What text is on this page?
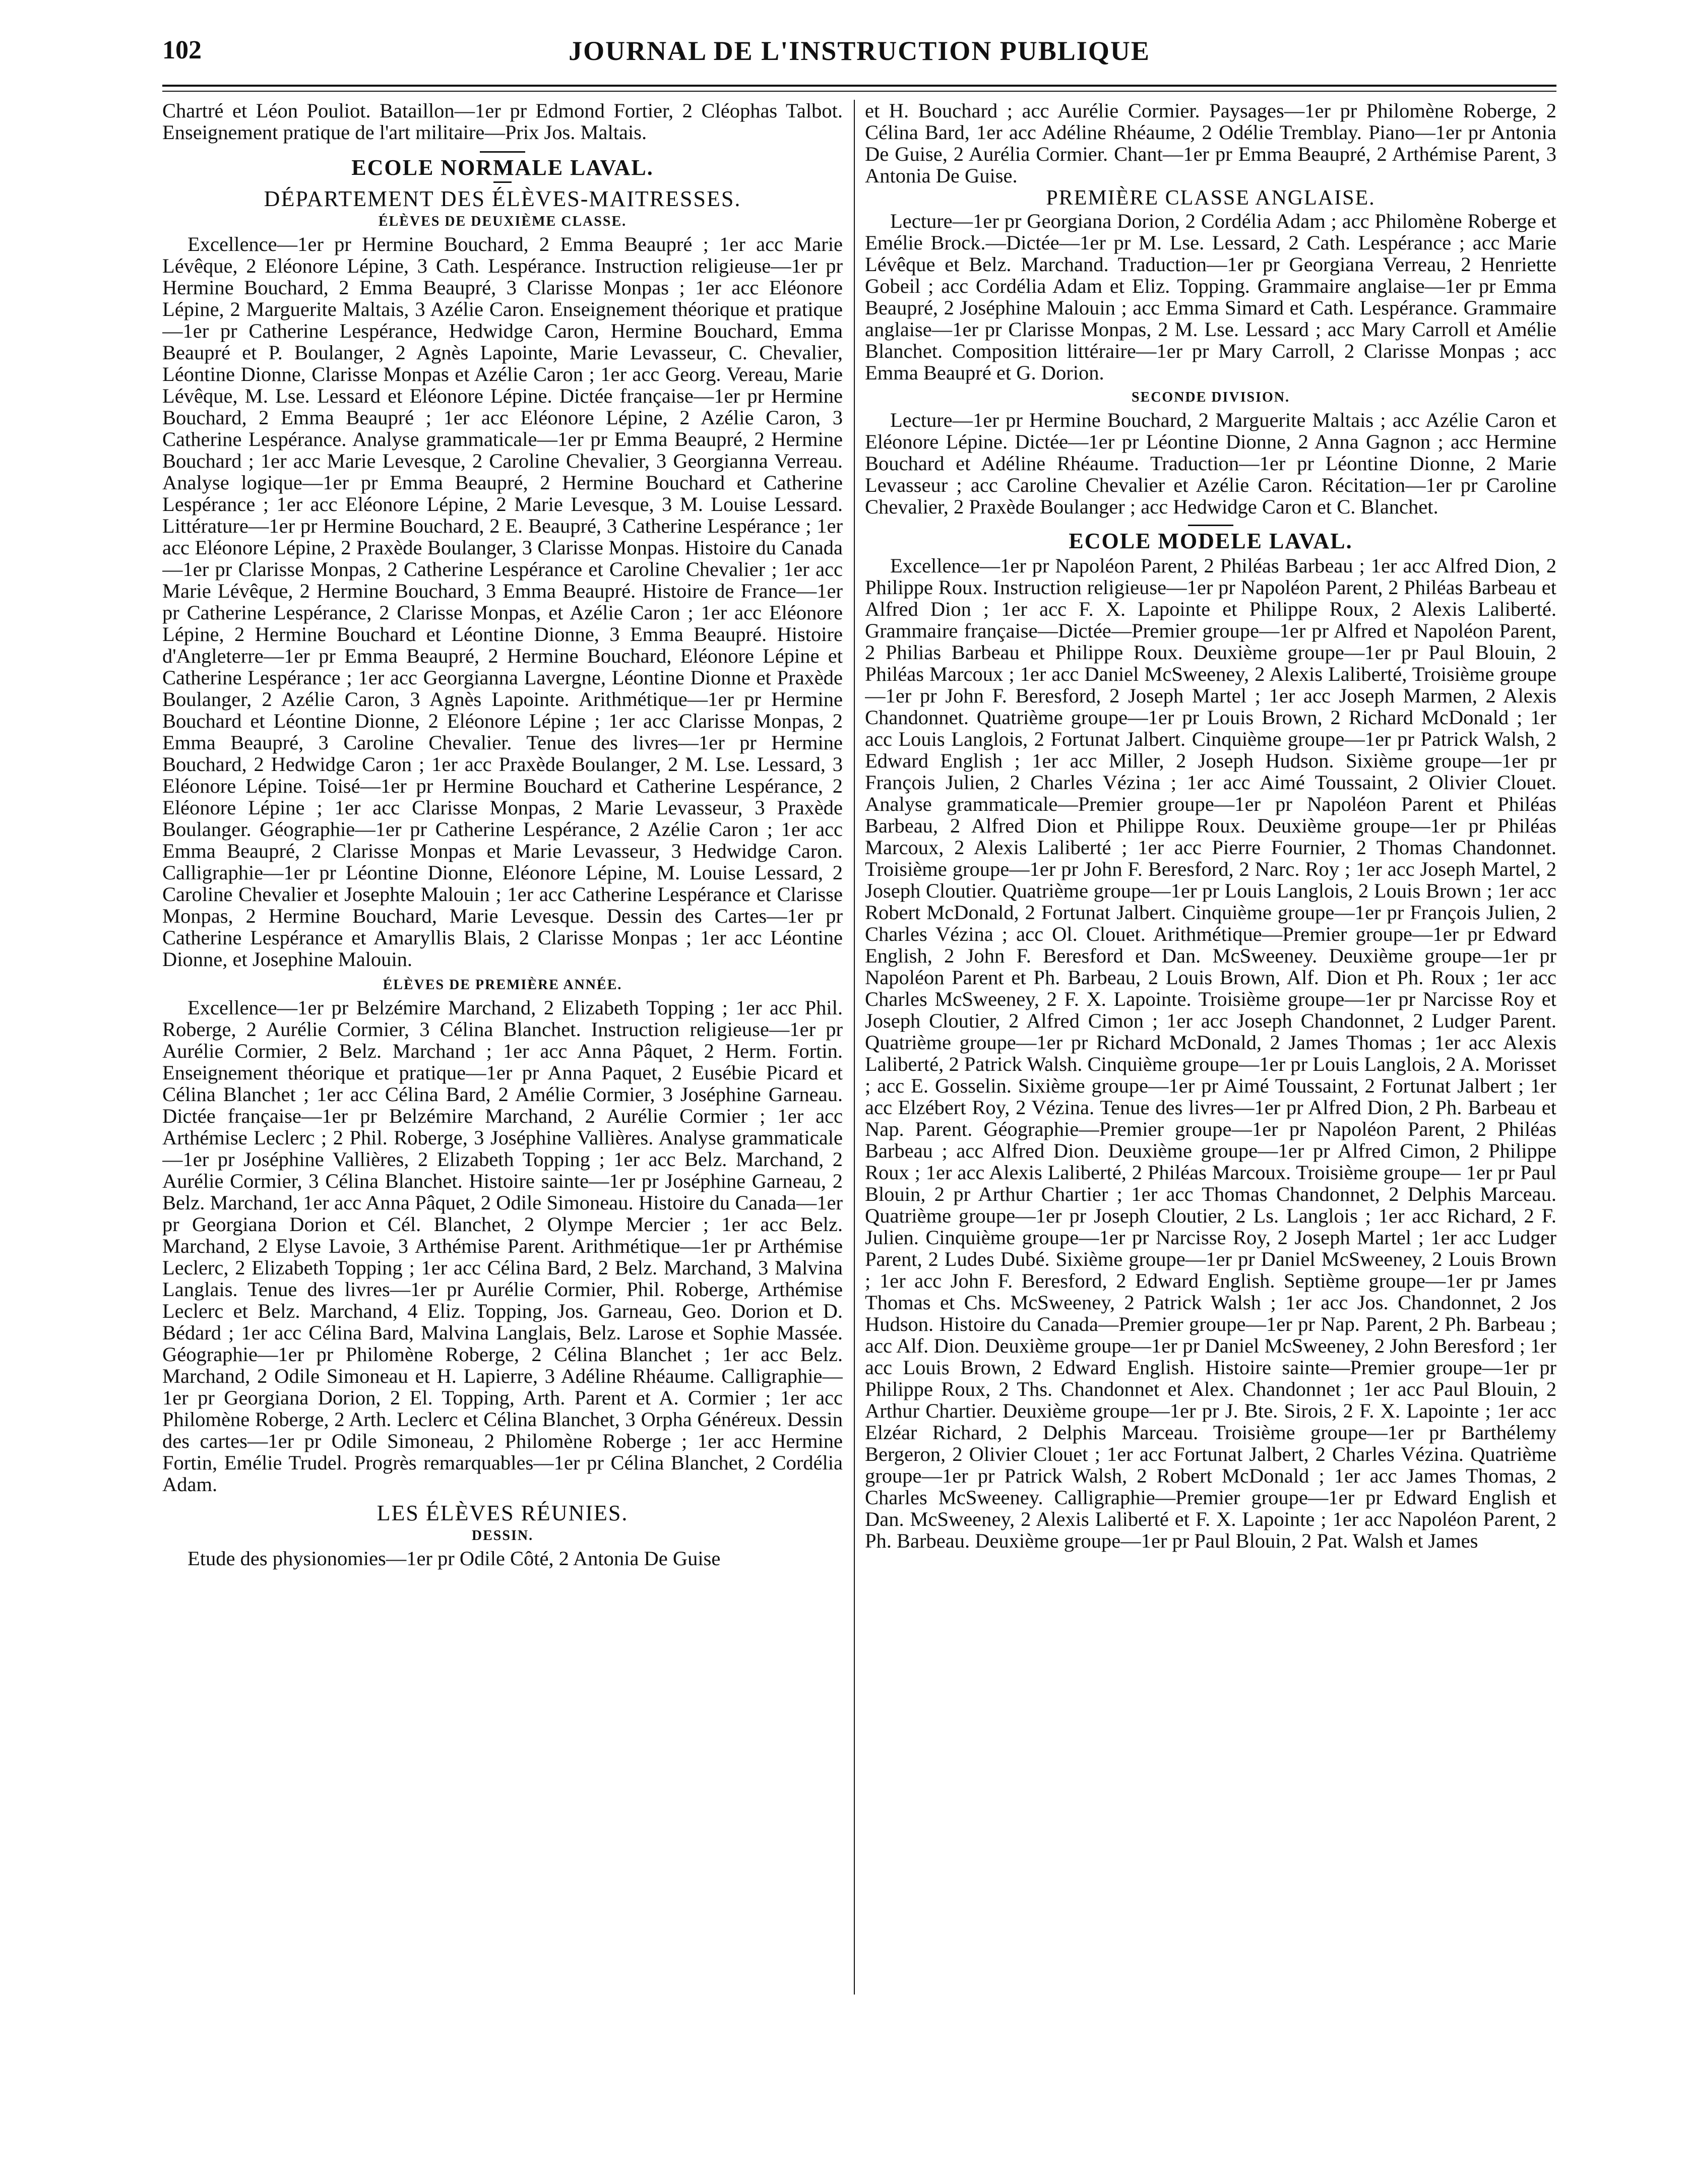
102	JOURNAL DE L'INSTRUCTION PUBLIQUE

Chartré et Léon Pouliot. Bataillon—1er pr Edmond Fortier, 2 Cléophas Talbot. Enseignement pratique de l'art militaire—Prix Jos. Maltais.

ECOLE NORMALE LAVAL.
DÉPARTEMENT DES ÉLÈVES-MAITRESSES.
ÉLÈVES DE DEUXIÈME CLASSE.

Excellence—1er pr Hermine Bouchard, 2 Emma Beaupré ; 1er acc Marie Lévêque, 2 Eléonore Lépine, 3 Cath. Lespérance. Instruction religieuse—1er pr Hermine Bouchard, 2 Emma Beaupré, 3 Clarisse Monpas ; 1er acc Eléonore Lépine, 2 Marguerite Maltais, 3 Azélie Caron. Enseignement théorique et pratique—1er pr Catherine Lespérance, Hedwidge Caron, Hermine Bouchard, Emma Beaupré et P. Boulanger, 2 Agnès Lapointe, Marie Levasseur, C. Chevalier, Léontine Dionne, Clarisse Monpas et Azélie Caron ; 1er acc Georg. Vereau, Marie Lévêque, M. Lse. Lessard et Eléonore Lépine. Dictée française—1er pr Hermine Bouchard, 2 Emma Beaupré ; 1er acc Eléonore Lépine, 2 Azélie Caron, 3 Catherine Lespérance. Analyse grammaticale—1er pr Emma Beaupré, 2 Hermine Bouchard ; 1er acc Marie Levesque, 2 Caroline Chevalier, 3 Georgianna Verreau. Analyse logique—1er pr Emma Beaupré, 2 Hermine Bouchard et Catherine Lespérance ; 1er acc Eléonore Lépine, 2 Marie Levesque, 3 M. Louise Lessard. Littérature—1er pr Hermine Bouchard, 2 E. Beaupré, 3 Catherine Lespérance ; 1er acc Eléonore Lépine, 2 Praxède Boulanger, 3 Clarisse Monpas. Histoire du Canada—1er pr Clarisse Monpas, 2 Catherine Lespérance et Caroline Chevalier ; 1er acc Marie Lévêque, 2 Hermine Bouchard, 3 Emma Beaupré. Histoire de France—1er pr Catherine Lespérance, 2 Clarisse Monpas, et Azélie Caron ; 1er acc Eléonore Lépine, 2 Hermine Bouchard et Léontine Dionne, 3 Emma Beaupré. Histoire d'Angleterre—1er pr Emma Beaupré, 2 Hermine Bouchard, Eléonore Lépine et Catherine Lespérance ; 1er acc Georgianna Lavergne, Léontine Dionne et Praxède Boulanger, 2 Azélie Caron, 3 Agnès Lapointe. Arithmétique—1er pr Hermine Bouchard et Léontine Dionne, 2 Eléonore Lépine ; 1er acc Clarisse Monpas, 2 Emma Beaupré, 3 Caroline Chevalier. Tenue des livres—1er pr Hermine Bouchard, 2 Hedwidge Caron ; 1er acc Praxède Boulanger, 2 M. Lse. Lessard, 3 Eléonore Lépine. Toisé—1er pr Hermine Bouchard et Catherine Lespérance, 2 Eléonore Lépine ; 1er acc Clarisse Monpas, 2 Marie Levasseur, 3 Praxède Boulanger. Géographie—1er pr Catherine Lespérance, 2 Azélie Caron ; 1er acc Emma Beaupré, 2 Clarisse Monpas et Marie Levasseur, 3 Hedwidge Caron. Calligraphie—1er pr Léontine Dionne, Eléonore Lépine, M. Louise Lessard, 2 Caroline Chevalier et Josephte Malouin ; 1er acc Catherine Lespérance et Clarisse Monpas, 2 Hermine Bouchard, Marie Levesque. Dessin des Cartes—1er pr Catherine Lespérance et Amaryllis Blais, 2 Clarisse Monpas ; 1er acc Léontine Dionne, et Josephine Malouin.

ÉLÈVES DE PREMIÈRE ANNÉE.

Excellence—1er pr Belzémire Marchand, 2 Elizabeth Topping ; 1er acc Phil. Roberge, 2 Aurélie Cormier, 3 Célina Blanchet. Instruction religieuse—1er pr Aurélie Cormier, 2 Belz. Marchand ; 1er acc Anna Pâquet, 2 Herm. Fortin. Enseignement théorique et pratique—1er pr Anna Paquet, 2 Eusébie Picard et Célina Blanchet ; 1er acc Célina Bard, 2 Amélie Cormier, 3 Joséphine Garneau. Dictée française—1er pr Belzémire Marchand, 2 Aurélie Cormier ; 1er acc Arthémise Leclerc ; 2 Phil. Roberge, 3 Joséphine Vallières. Analyse grammaticale—1er pr Joséphine Vallières, 2 Elizabeth Topping ; 1er acc Belz. Marchand, 2 Aurélie Cormier, 3 Célina Blanchet. Histoire sainte—1er pr Joséphine Garneau, 2 Belz. Marchand, 1er acc Anna Pâquet, 2 Odile Simoneau. Histoire du Canada—1er pr Georgiana Dorion et Cél. Blanchet, 2 Olympe Mercier ; 1er acc Belz. Marchand, 2 Elyse Lavoie, 3 Arthémise Parent. Arithmétique—1er pr Arthémise Leclerc, 2 Elizabeth Topping ; 1er acc Célina Bard, 2 Belz. Marchand, 3 Malvina Langlais. Tenue des livres—1er pr Aurélie Cormier, Phil. Roberge, Arthémise Leclerc et Belz. Marchand, 4 Eliz. Topping, Jos. Garneau, Geo. Dorion et D. Bédard ; 1er acc Célina Bard, Malvina Langlais, Belz. Larose et Sophie Massée. Géographie—1er pr Philomène Roberge, 2 Célina Blanchet ; 1er acc Belz. Marchand, 2 Odile Simoneau et H. Lapierre, 3 Adéline Rhéaume. Calligraphie—1er pr Georgiana Dorion, 2 El. Topping, Arth. Parent et A. Cormier ; 1er acc Philomène Roberge, 2 Arth. Leclerc et Célina Blanchet, 3 Orpha Généreux. Dessin des cartes—1er pr Odile Simoneau, 2 Philomène Roberge ; 1er acc Hermine Fortin, Emélie Trudel. Progrès remarquables—1er pr Célina Blanchet, 2 Cordélia Adam.

LES ÉLÈVES RÉUNIES.
DESSIN.

Etude des physionomies—1er pr Odile Côté, 2 Antonia De Guise

et H. Bouchard ; acc Aurélie Cormier. Paysages—1er pr Philomène Roberge, 2 Célina Bard, 1er acc Adéline Rhéaume, 2 Odélie Tremblay. Piano—1er pr Antonia De Guise, 2 Aurélia Cormier. Chant—1er pr Emma Beaupré, 2 Arthémise Parent, 3 Antonia De Guise.

PREMIÈRE CLASSE ANGLAISE.

Lecture—1er pr Georgiana Dorion, 2 Cordélia Adam ; acc Philomène Roberge et Emélie Brock.—Dictée—1er pr M. Lse. Lessard, 2 Cath. Lespérance ; acc Marie Lévêque et Belz. Marchand. Traduction—1er pr Georgiana Verreau, 2 Henriette Gobeil ; acc Cordélia Adam et Eliz. Topping. Grammaire anglaise—1er pr Emma Beaupré, 2 Joséphine Malouin ; acc Emma Simard et Cath. Lespérance. Grammaire anglaise—1er pr Clarisse Monpas, 2 M. Lse. Lessard ; acc Mary Carroll et Amélie Blanchet. Composition littéraire—1er pr Mary Carroll, 2 Clarisse Monpas ; acc Emma Beaupré et G. Dorion.

SECONDE DIVISION.

Lecture—1er pr Hermine Bouchard, 2 Marguerite Maltais ; acc Azélie Caron et Eléonore Lépine. Dictée—1er pr Léontine Dionne, 2 Anna Gagnon ; acc Hermine Bouchard et Adéline Rhéaume. Traduction—1er pr Léontine Dionne, 2 Marie Levasseur ; acc Caroline Chevalier et Azélie Caron. Récitation—1er pr Caroline Chevalier, 2 Praxède Boulanger ; acc Hedwidge Caron et C. Blanchet.

ECOLE MODELE LAVAL.

Excellence—1er pr Napoléon Parent, 2 Philéas Barbeau ; 1er acc Alfred Dion, 2 Philippe Roux. Instruction religieuse—1er pr Napoléon Parent, 2 Philéas Barbeau et Alfred Dion ; 1er acc F. X. Lapointe et Philippe Roux, 2 Alexis Laliberté. Grammaire française—Dictée—Premier groupe—1er pr Alfred et Napoléon Parent, 2 Philias Barbeau et Philippe Roux. Deuxième groupe—1er pr Paul Blouin, 2 Philéas Marcoux ; 1er acc Daniel McSweeney, 2 Alexis Laliberté, Troisième groupe—1er pr John F. Beresford, 2 Joseph Martel ; 1er acc Joseph Marmen, 2 Alexis Chandonnet. Quatrième groupe—1er pr Louis Brown, 2 Richard McDonald ; 1er acc Louis Langlois, 2 Fortunat Jalbert. Cinquième groupe—1er pr Patrick Walsh, 2 Edward English ; 1er acc Miller, 2 Joseph Hudson. Sixième groupe—1er pr François Julien, 2 Charles Vézina ; 1er acc Aimé Toussaint, 2 Olivier Clouet. Analyse grammaticale—Premier groupe—1er pr Napoléon Parent et Philéas Barbeau, 2 Alfred Dion et Philippe Roux. Deuxième groupe—1er pr Philéas Marcoux, 2 Alexis Laliberté ; 1er acc Pierre Fournier, 2 Thomas Chandonnet. Troisième groupe—1er pr John F. Beresford, 2 Narc. Roy ; 1er acc Joseph Martel, 2 Joseph Cloutier. Quatrième groupe—1er pr Louis Langlois, 2 Louis Brown ; 1er acc Robert McDonald, 2 Fortunat Jalbert. Cinquième groupe—1er pr François Julien, 2 Charles Vézina ; acc Ol. Clouet. Arithmétique—Premier groupe—1er pr Edward English, 2 John F. Beresford et Dan. McSweeney. Deuxième groupe—1er pr Napoléon Parent et Ph. Barbeau, 2 Louis Brown, Alf. Dion et Ph. Roux ; 1er acc Charles McSweeney, 2 F. X. Lapointe. Troisième groupe—1er pr Narcisse Roy et Joseph Cloutier, 2 Alfred Cimon ; 1er acc Joseph Chandonnet, 2 Ludger Parent. Quatrième groupe—1er pr Richard McDonald, 2 James Thomas ; 1er acc Alexis Laliberté, 2 Patrick Walsh. Cinquième groupe—1er pr Louis Langlois, 2 A. Morisset ; acc E. Gosselin. Sixième groupe—1er pr Aimé Toussaint, 2 Fortunat Jalbert ; 1er acc Elzébert Roy, 2 Vézina. Tenue des livres—1er pr Alfred Dion, 2 Ph. Barbeau et Nap. Parent. Géographie—Premier groupe—1er pr Napoléon Parent, 2 Philéas Barbeau ; acc Alfred Dion. Deuxième groupe—1er pr Alfred Cimon, 2 Philippe Roux ; 1er acc Alexis Laliberté, 2 Philéas Marcoux. Troisième groupe— 1er pr Paul Blouin, 2 pr Arthur Chartier ; 1er acc Thomas Chandonnet, 2 Delphis Marceau. Quatrième groupe—1er pr Joseph Cloutier, 2 Ls. Langlois ; 1er acc Richard, 2 F. Julien. Cinquième groupe—1er pr Narcisse Roy, 2 Joseph Martel ; 1er acc Ludger Parent, 2 Ludes Dubé. Sixième groupe—1er pr Daniel McSweeney, 2 Louis Brown ; 1er acc John F. Beresford, 2 Edward English. Septième groupe—1er pr James Thomas et Chs. McSweeney, 2 Patrick Walsh ; 1er acc Jos. Chandonnet, 2 Jos Hudson. Histoire du Canada—Premier groupe—1er pr Nap. Parent, 2 Ph. Barbeau ; acc Alf. Dion. Deuxième groupe—1er pr Daniel McSweeney, 2 John Beresford ; 1er acc Louis Brown, 2 Edward English. Histoire sainte—Premier groupe—1er pr Philippe Roux, 2 Ths. Chandonnet et Alex. Chandonnet ; 1er acc Paul Blouin, 2 Arthur Chartier. Deuxième groupe—1er pr J. Bte. Sirois, 2 F. X. Lapointe ; 1er acc Elzéar Richard, 2 Delphis Marceau. Troisième groupe—1er pr Barthélemy Bergeron, 2 Olivier Clouet ; 1er acc Fortunat Jalbert, 2 Charles Vézina. Quatrième groupe—1er pr Patrick Walsh, 2 Robert McDonald ; 1er acc James Thomas, 2 Charles McSweeney. Calligraphie—Premier groupe—1er pr Edward English et Dan. McSweeney, 2 Alexis Laliberté et F. X. Lapointe ; 1er acc Napoléon Parent, 2 Ph. Barbeau. Deuxième groupe—1er pr Paul Blouin, 2 Pat. Walsh et James
